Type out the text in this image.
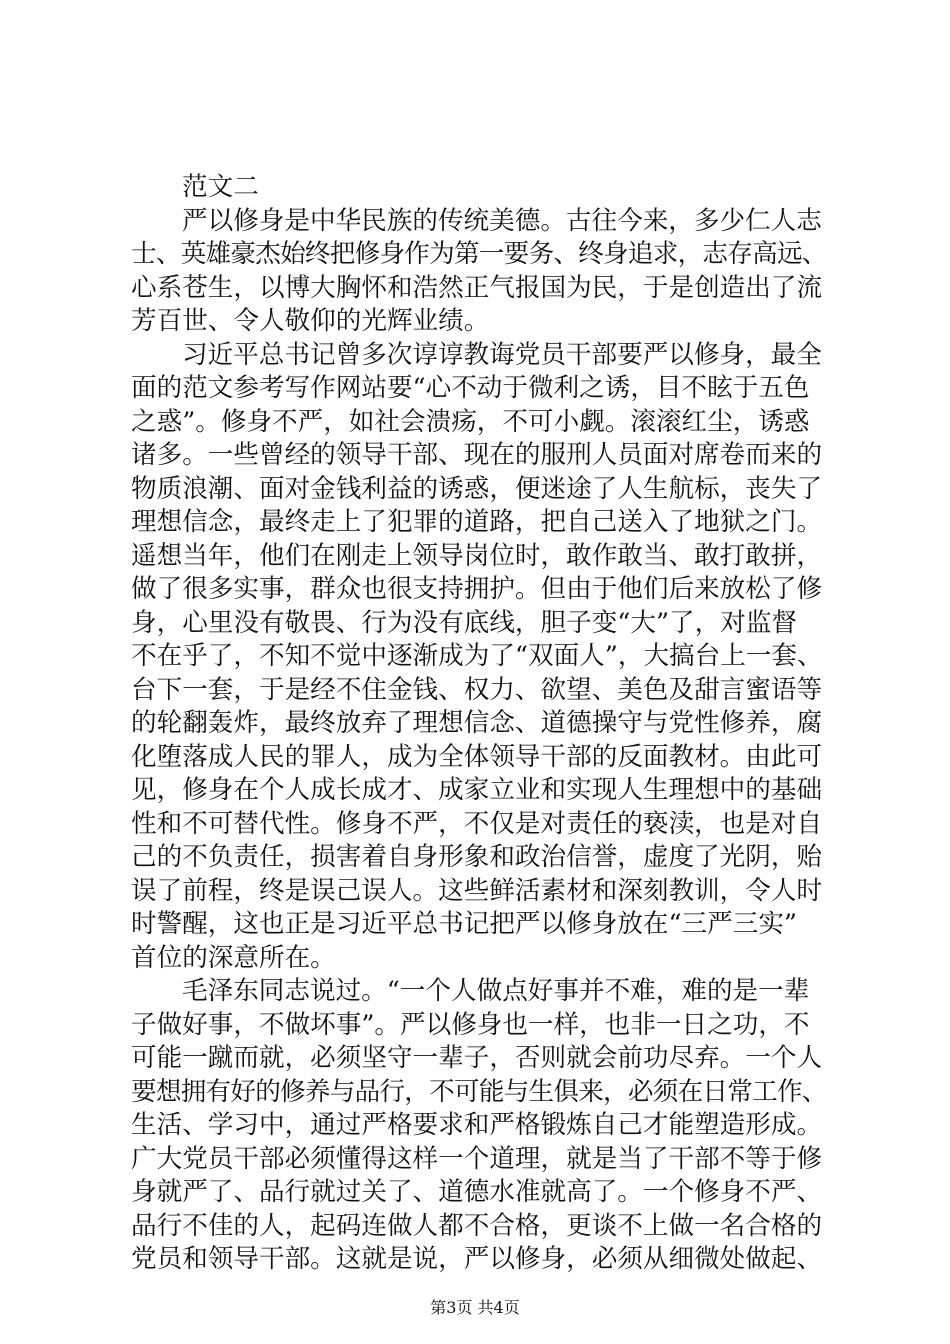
范文二
严以修身是中华民族的传统美德。古往今来，多少仁人志
士、英雄豪杰始终把修身作为第一要务、终身追求，志存高远、
心系苍生，以博大胸怀和浩然正气报国为民，于是创造出了流
芳百世、令人敬仰的光辉业绩。
习近平总书记曾多次谆谆教诲党员干部要严以修身，最全
面的范文参考写作网站要“心不动于微利之诱，目不眩于五色
之惑”。修身不严，如社会溃疡，不可小觑。滚滚红尘，诱惑
诸多。一些曾经的领导干部、现在的服刑人员面对席卷而来的
物质浪潮、面对金钱利益的诱惑，便迷途了人生航标，丧失了
理想信念，最终走上了犯罪的道路，把自己送入了地狱之门。
遥想当年，他们在刚走上领导岗位时，敢作敢当、敢打敢拼，
做了很多实事，群众也很支持拥护。但由于他们后来放松了修
身，心里没有敬畏、行为没有底线，胆子变“大”了，对监督
不在乎了，不知不觉中逐渐成为了“双面人”，大搞台上一套、
台下一套，于是经不住金钱、权力、欲望、美色及甜言蜜语等
的轮翻轰炸，最终放弃了理想信念、道德操守与党性修养，腐
化堕落成人民的罪人，成为全体领导干部的反面教材。由此可
见，修身在个人成长成才、成家立业和实现人生理想中的基础
性和不可替代性。修身不严，不仅是对责任的亵渎，也是对自
己的不负责任，损害着自身形象和政治信誉，虚度了光阴，贻
误了前程，终是误己误人。这些鲜活素材和深刻教训，令人时
时警醒，这也正是习近平总书记把严以修身放在“三严三实”
首位的深意所在。
毛泽东同志说过。“一个人做点好事并不难，难的是一辈
子做好事，不做坏事”。严以修身也一样，也非一日之功，不
可能一蹴而就，必须坚守一辈子，否则就会前功尽弃。一个人
要想拥有好的修养与品行，不可能与生俱来，必须在日常工作、
生活、学习中，通过严格要求和严格锻炼自己才能塑造形成。
广大党员干部必须懂得这样一个道理，就是当了干部不等于修
身就严了、品行就过关了、道德水准就高了。一个修身不严、
品行不佳的人，起码连做人都不合格，更谈不上做一名合格的
党员和领导干部。这就是说，严以修身，必须从细微处做起、
第3页 共4页
